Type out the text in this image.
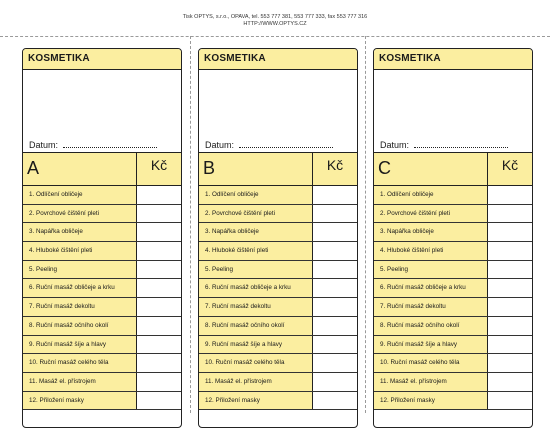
Tisk OPTYS, s.r.o., OPAVA, tel. 553 777 381, 553 777 333, fax 553 777 316
HTTP://WWW.OPTYS.CZ
KOSMETIKA
Datum:
A	Kč
1. Odlíčení obličeje
2. Povrchové čištění pleti
3. Napářka obličeje
4. Hluboké čištění pleti
5. Peeling
6. Ruční masáž obličeje a krku
7. Ruční masáž dekoltu
8. Ruční masáž očního okolí
9. Ruční masáž šíje a hlavy
10. Ruční masáž celého těla
11. Masáž el. přístrojem
12. Přiložení masky
KOSMETIKA
Datum:
B	Kč
1. Odlíčení obličeje
2. Povrchové čištění pleti
3. Napářka obličeje
4. Hluboké čištění pleti
5. Peeling
6. Ruční masáž obličeje a krku
7. Ruční masáž dekoltu
8. Ruční masáž očního okolí
9. Ruční masáž šíje a hlavy
10. Ruční masáž celého těla
11. Masáž el. přístrojem
12. Přiložení masky
KOSMETIKA
Datum:
C	Kč
1. Odlíčení obličeje
2. Povrchové čištění pleti
3. Napářka obličeje
4. Hluboké čištění pleti
5. Peeling
6. Ruční masáž obličeje a krku
7. Ruční masáž dekoltu
8. Ruční masáž očního okolí
9. Ruční masáž šíje a hlavy
10. Ruční masáž celého těla
11. Masáž el. přístrojem
12. Přiložení masky
